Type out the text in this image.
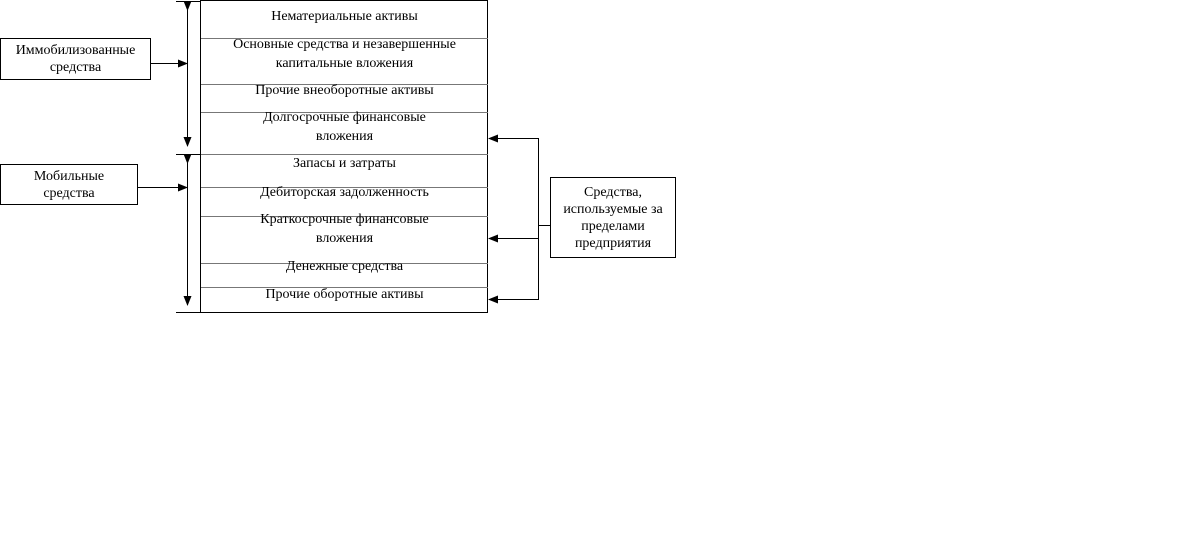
Иммобилизованные
средства
Мобильные
средства	Средства,
используемые за
пределами
предприятия
Нематериальные активы
Основные средства и незавершенные
капитальные вложения
Прочие внеоборотные активы
Долгосрочные финансовые
вложения
Запасы и затраты
Дебиторская задолженность
Краткосрочные финансовые
вложения
Денежные средства
Прочие оборотные активы
